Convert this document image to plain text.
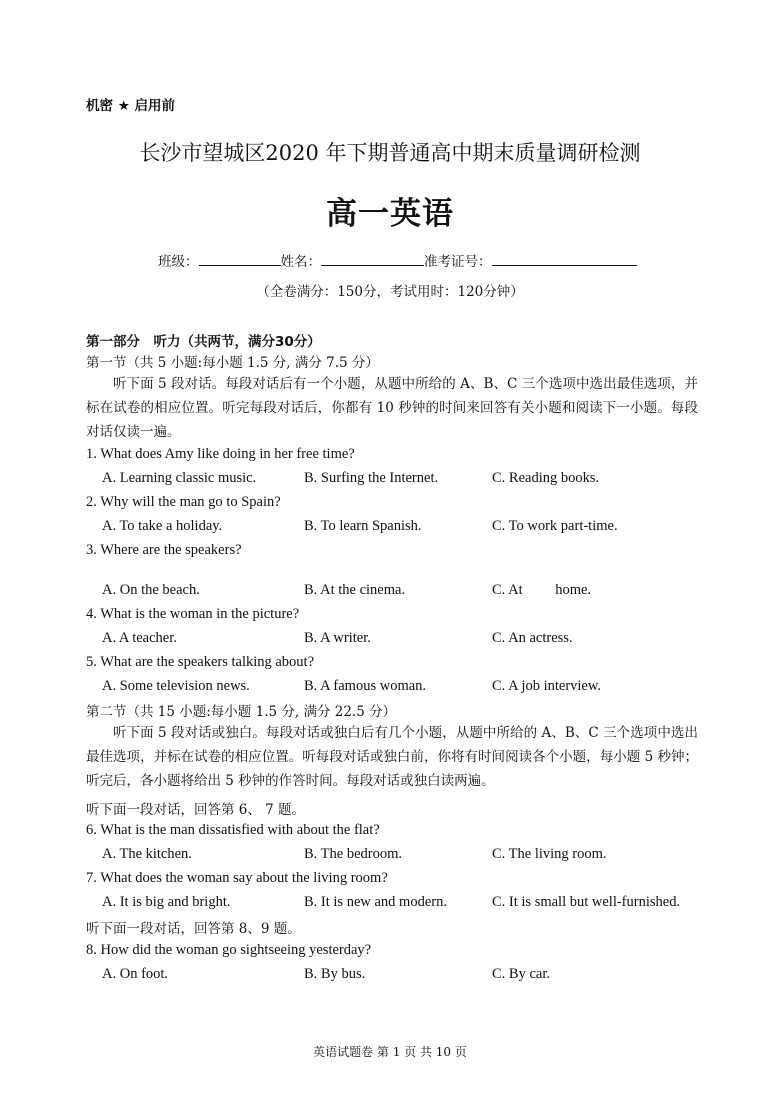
机密 ★ 启用前
长沙市望城区2020 年下期普通高中期末质量调研检测
高一英语
班级：	姓名：	准考证号：
（全卷满分：150分，考试用时：120分钟）
第一部分　听力（共两节，满分30分）
第一节（共 5 小题:每小题 1.5 分, 满分 7.5 分）
听下面 5 段对话。每段对话后有一个小题，从题中所给的 A、B、C 三个选项中选出最佳选项，并标在试卷的相应位置。听完每段对话后，你都有 10 秒钟的时间来回答有关小题和阅读下一小题。每段对话仅读一遍。
1. What does Amy like doing in her free time?
A. Learning classic music.	B. Surfing the Internet.	C. Reading books.
2. Why will the man go to Spain?
A. To take a holiday.	B. To learn Spanish.	C. To work part-time.
3. Where are the speakers?
A. On the beach.	B. At the cinema.	C. At         home.
4. What is the woman in the picture?
A. A teacher.	B. A writer.	C. An actress.
5. What are the speakers talking about?
A. Some television news.	B. A famous woman.	C. A job interview.
第二节（共 15 小题:每小题 1.5 分, 满分 22.5 分）
听下面 5 段对话或独白。每段对话或独白后有几个小题，从题中所给的 A、B、C 三个选项中选出最佳选项，并标在试卷的相应位置。听每段对话或独白前，你将有时间阅读各个小题，每小题 5 秒钟；听完后，各小题将给出 5 秒钟的作答时间。每段对话或独白读两遍。
听下面一段对话，回答第 6、 7 题。
6. What is the man dissatisfied with about the flat?
A. The kitchen.	B. The bedroom.	C. The living room.
7. What does the woman say about the living room?
A. It is big and bright.	B. It is new and modern.	C. It is small but well-furnished.
听下面一段对话，回答第 8、9 题。
8. How did the woman go sightseeing yesterday?
A. On foot.	B. By bus.	C. By car.
英语试题卷 第 1 页 共 10 页
